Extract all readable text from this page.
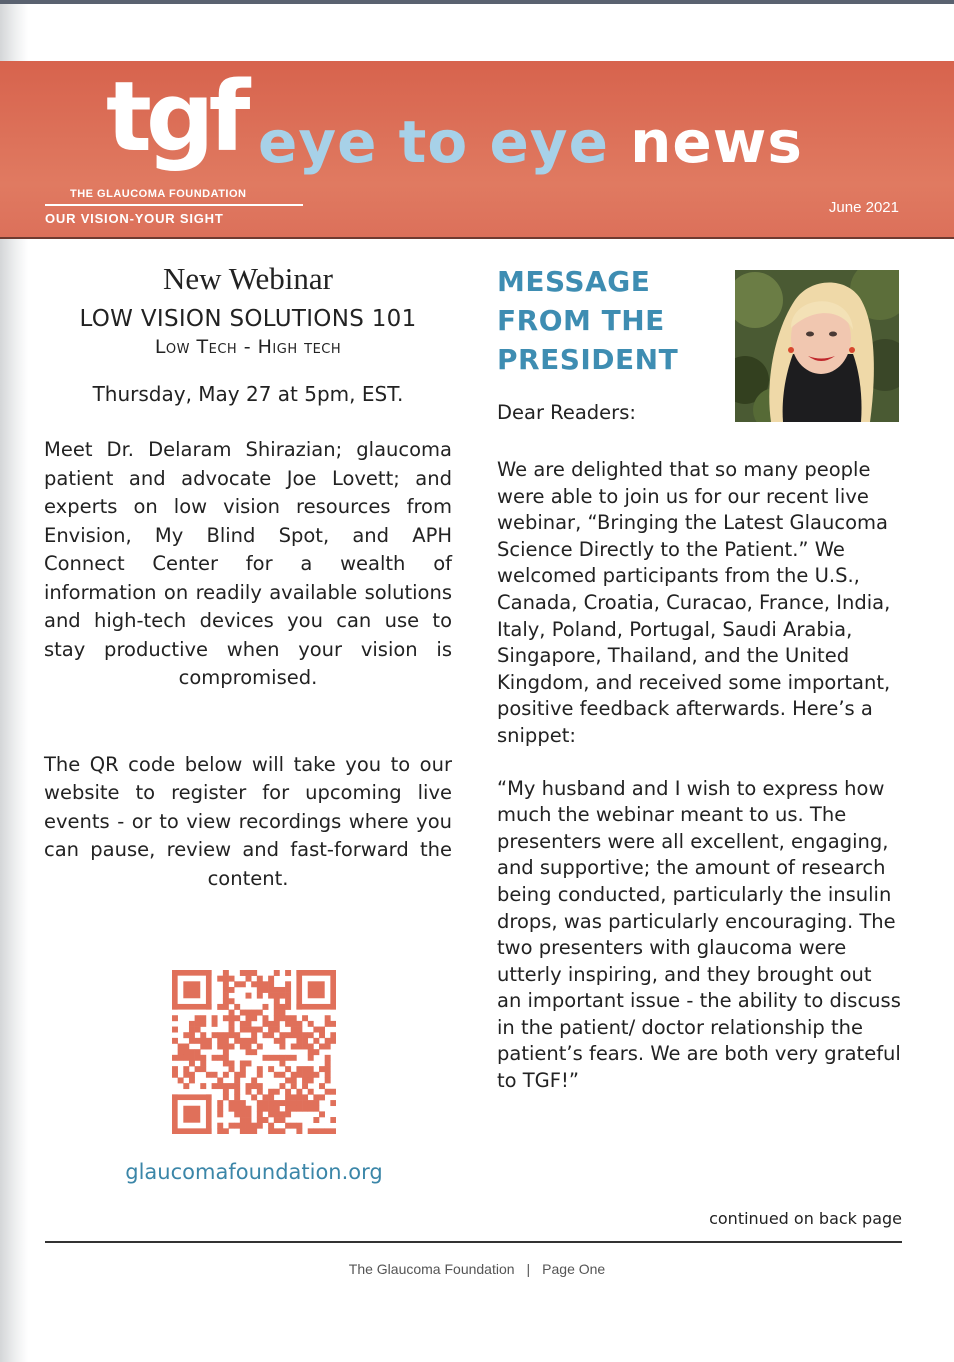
tgf
THE GLAUCOMA FOUNDATION
OUR VISION-YOUR SIGHT
eye to eye news
June 2021
New Webinar
LOW VISION SOLUTIONS 101
Low Tech - High tech
Thursday, May 27 at 5pm, EST.

Meet Dr. Delaram Shirazian; glaucoma patient and advocate Joe Lovett; and experts on low vision resources from Envision, My Blind Spot, and APH Connect Center for a wealth of information on readily available solutions and high-tech devices you can use to stay productive when your vision is compromised.

The QR code below will take you to our website to register for upcoming live events - or to view recordings where you can pause, review and fast-forward the content.

glaucomafoundation.org
MESSAGE
FROM THE
PRESIDENT
Dear Readers:

We are delighted that so many people were able to join us for our recent live webinar, “Bringing the Latest Glaucoma Science Directly to the Patient.” We welcomed participants from the U.S., Canada, Croatia, Curacao, France, India, Italy, Poland, Portugal, Saudi Arabia, Singapore, Thailand, and the United Kingdom, and received some important, positive feedback afterwards. Here’s a snippet:

“My husband and I wish to express how much the webinar meant to us. The presenters were all excellent, engaging, and supportive; the amount of research being conducted, particularly the insulin drops, was particularly encouraging. The two presenters with glaucoma were utterly inspiring, and they brought out an important issue - the ability to discuss in the patient/ doctor relationship the patient’s fears. We are both very grateful to TGF!”

continued on back page
The Glaucoma Foundation | Page One
